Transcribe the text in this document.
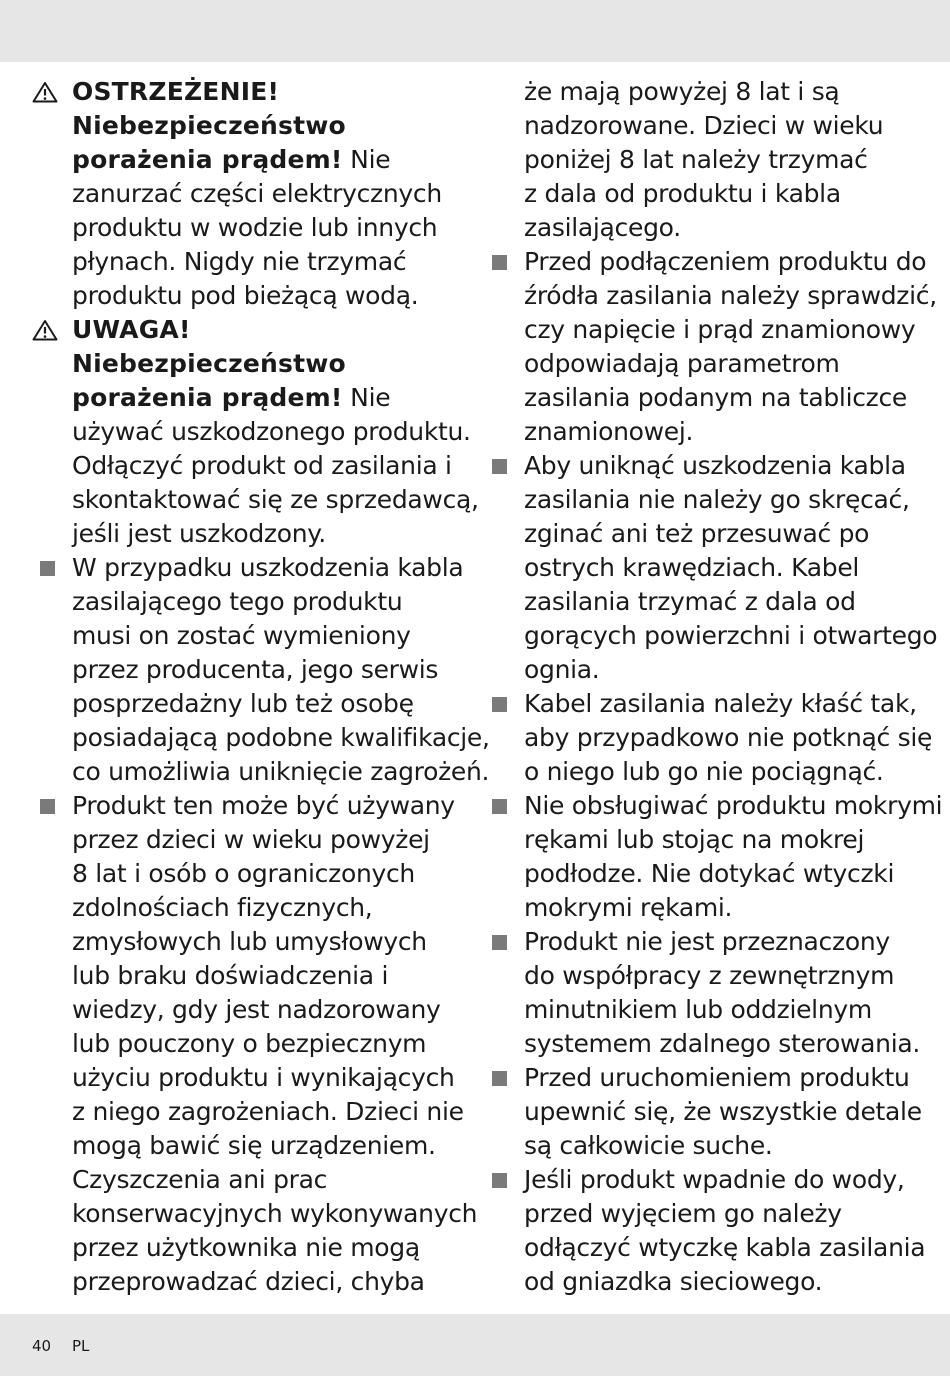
OSTRZEŻENIE!
Niebezpieczeństwo
porażenia prądem! Nie
zanurzać części elektrycznych
produktu w wodzie lub innych
płynach. Nigdy nie trzymać
produktu pod bieżącą wodą.
UWAGA!
Niebezpieczeństwo
porażenia prądem! Nie
używać uszkodzonego produktu.
Odłączyć produkt od zasilania i
skontaktować się ze sprzedawcą,
jeśli jest uszkodzony.
W przypadku uszkodzenia kabla
zasilającego tego produktu
musi on zostać wymieniony
przez producenta, jego serwis
posprzedażny lub też osobę
posiadającą podobne kwalifikacje,
co umożliwia uniknięcie zagrożeń.
Produkt ten może być używany
przez dzieci w wieku powyżej
8 lat i osób o ograniczonych
zdolnościach fizycznych,
zmysłowych lub umysłowych
lub braku doświadczenia i
wiedzy, gdy jest nadzorowany
lub pouczony o bezpiecznym
użyciu produktu i wynikających
z niego zagrożeniach. Dzieci nie
mogą bawić się urządzeniem.
Czyszczenia ani prac
konserwacyjnych wykonywanych
przez użytkownika nie mogą
przeprowadzać dzieci, chyba
że mają powyżej 8 lat i są
nadzorowane. Dzieci w wieku
poniżej 8 lat należy trzymać
z dala od produktu i kabla
zasilającego.
Przed podłączeniem produktu do
źródła zasilania należy sprawdzić,
czy napięcie i prąd znamionowy
odpowiadają parametrom
zasilania podanym na tabliczce
znamionowej.
Aby uniknąć uszkodzenia kabla
zasilania nie należy go skręcać,
zginać ani też przesuwać po
ostrych krawędziach. Kabel
zasilania trzymać z dala od
gorących powierzchni i otwartego
ognia.
Kabel zasilania należy kłaść tak,
aby przypadkowo nie potknąć się
o niego lub go nie pociągnąć.
Nie obsługiwać produktu mokrymi
rękami lub stojąc na mokrej
podłodze. Nie dotykać wtyczki
mokrymi rękami.
Produkt nie jest przeznaczony
do współpracy z zewnętrznym
minutnikiem lub oddzielnym
systemem zdalnego sterowania.
Przed uruchomieniem produktu
upewnić się, że wszystkie detale
są całkowicie suche.
Jeśli produkt wpadnie do wody,
przed wyjęciem go należy
odłączyć wtyczkę kabla zasilania
od gniazdka sieciowego.
40 PL
